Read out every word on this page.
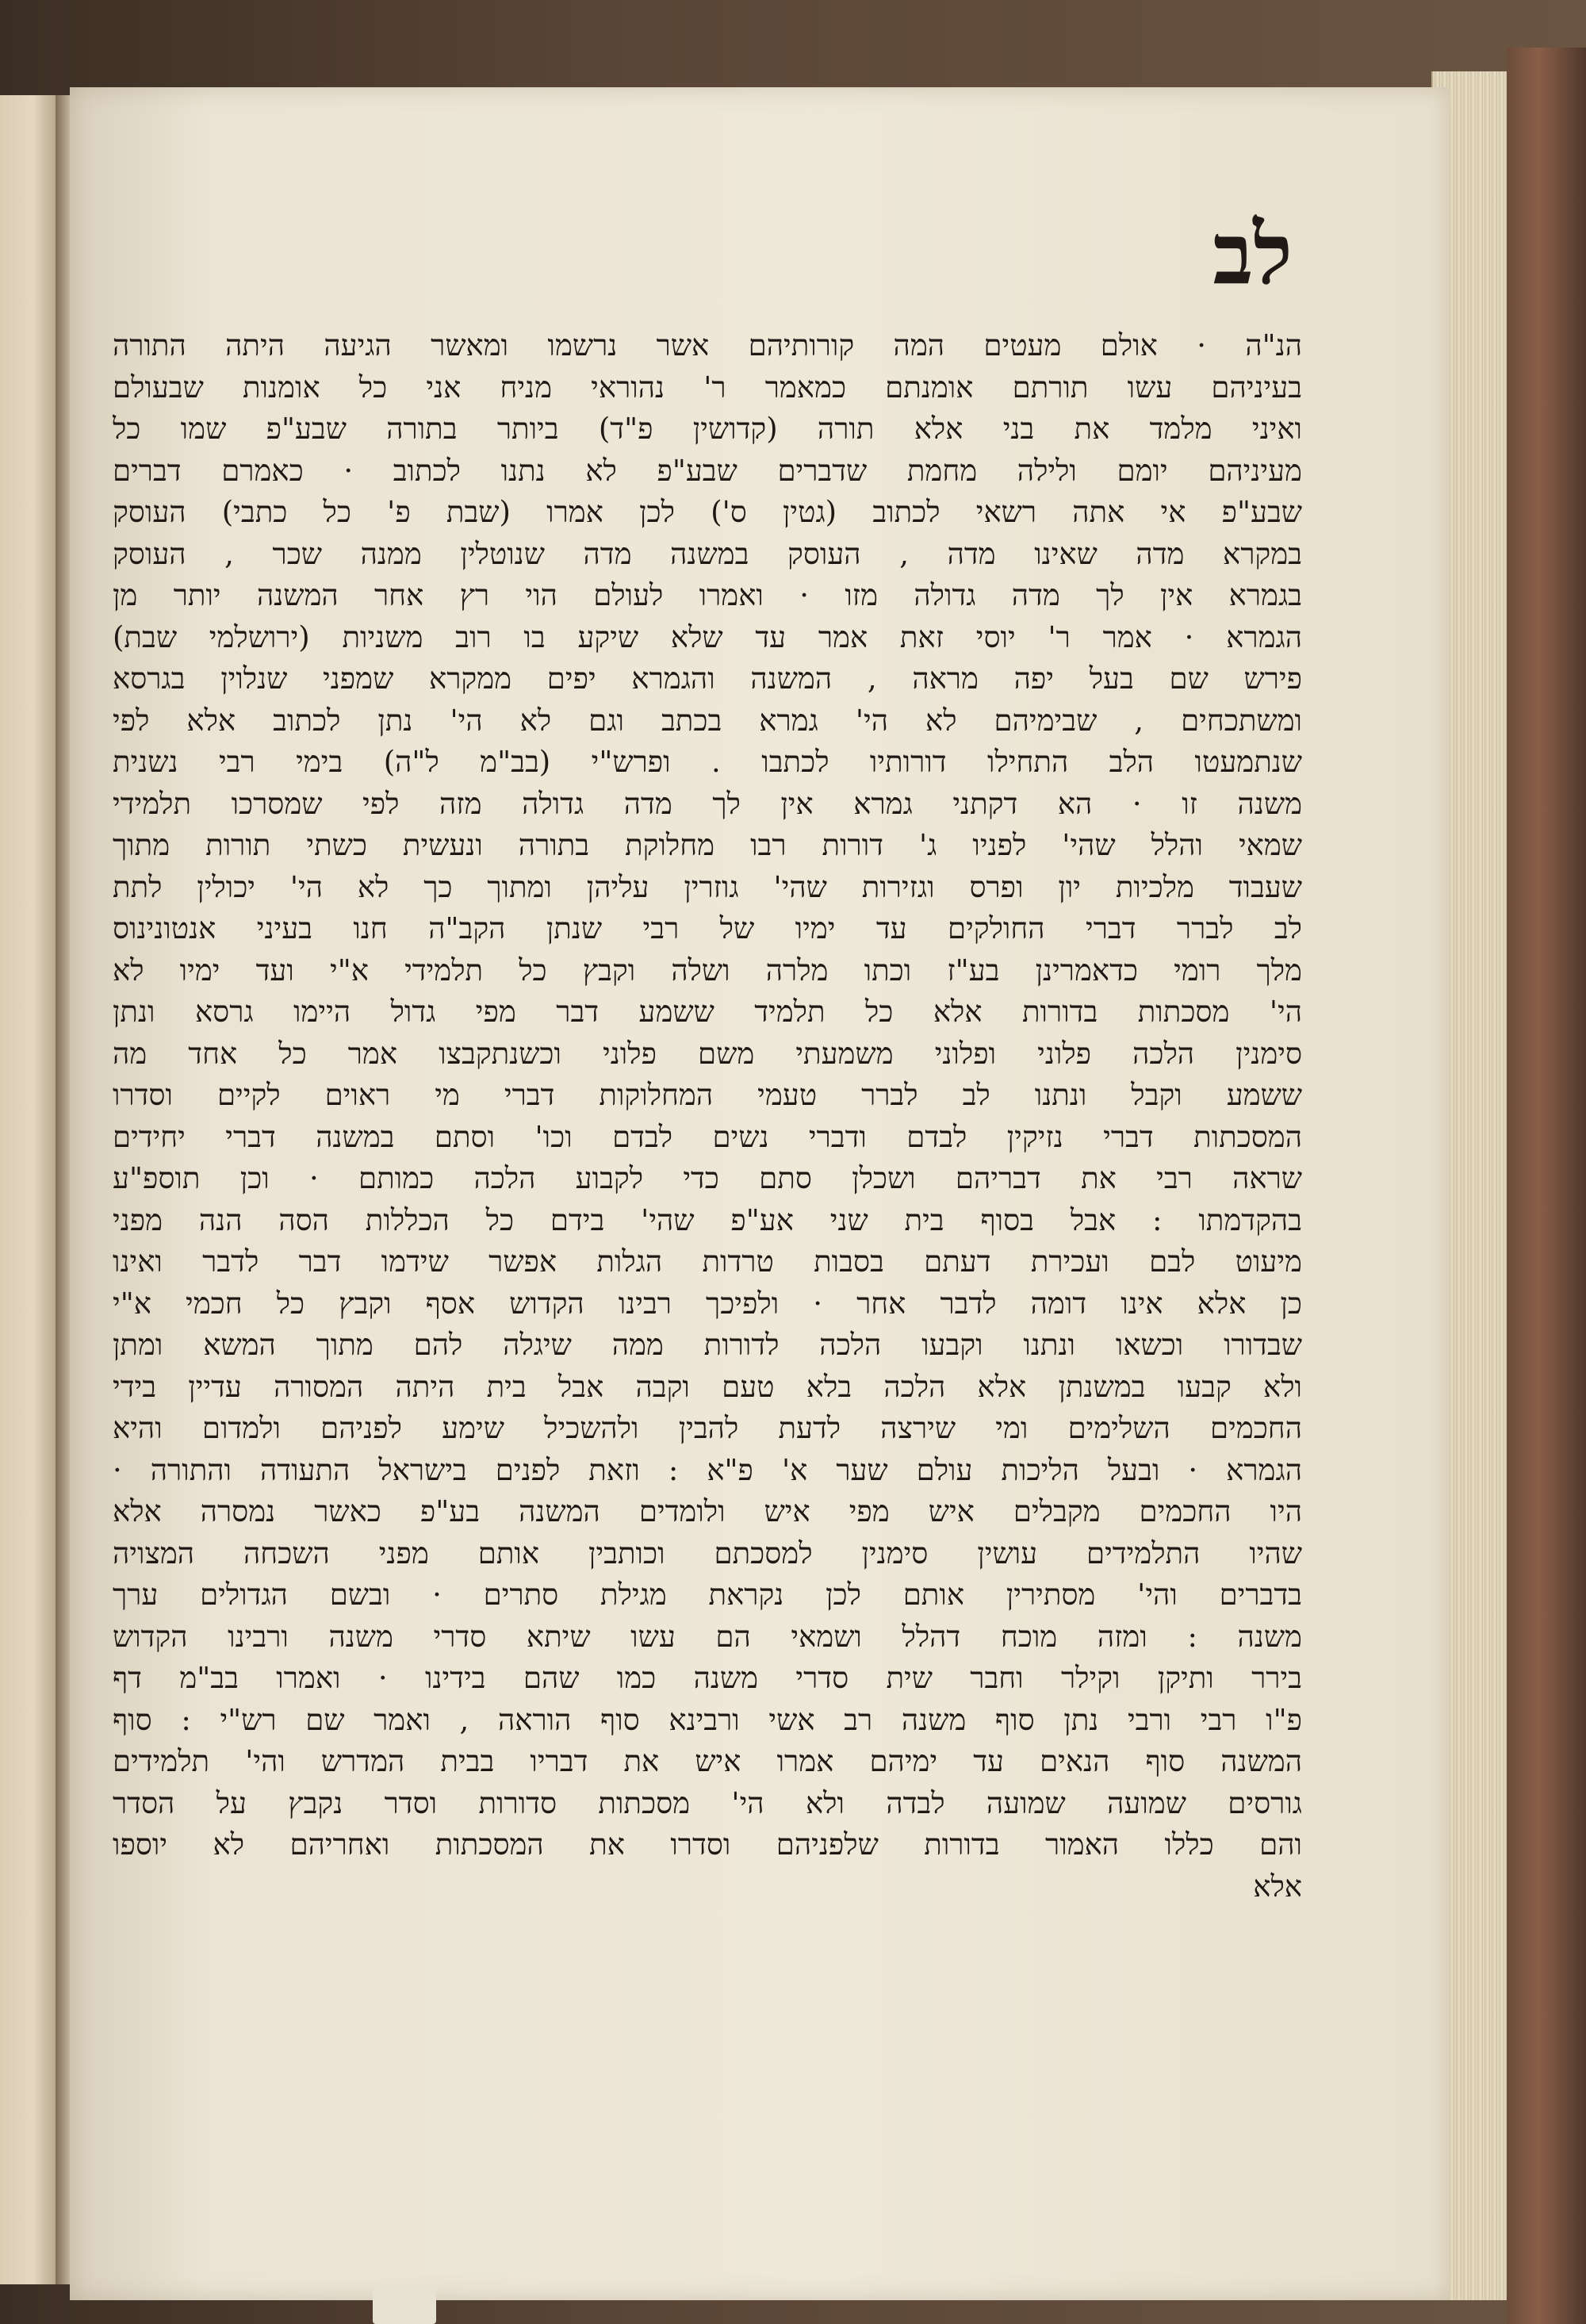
לב
הנ"ה · אולם מעטים המה קורותיהם אשר נרשמו ומאשר הגיעה היתה התורה
בעיניהם עשו תורתם אומנתם כמאמר ר' נהוראי מניח אני כל אומנות שבעולם
ואיני מלמד את בני אלא תורה (קדושין פ"ד) ביותר בתורה שבע"פ שמו כל
מעיניהם יומם ולילה מחמת שדברים שבע"פ לא נתנו לכתוב · כאמרם דברים
שבע"פ אי אתה רשאי לכתוב (גטין ס') לכן אמרו (שבת פ' כל כתבי) העוסק
במקרא מדה שאינו מדה , העוסק במשנה מדה שנוטלין ממנה שכר , העוסק
בגמרא אין לך מדה גדולה מזו · ואמרו לעולם הוי רץ אחר המשנה יותר מן
הגמרא · אמר ר' יוסי זאת אמר עד שלא שיקע בו רוב משניות (ירושלמי שבת)
פירש שם בעל יפה מראה , המשנה והגמרא יפים ממקרא שמפני שנלוין בגרסא
ומשתכחים , שבימיהם לא הי' גמרא בכתב וגם לא הי' נתן לכתוב אלא לפי
שנתמעטו הלב התחילו דורותיו לכתבו . ופרש"י (בב"מ ל"ה) בימי רבי נשנית
משנה זו · הא דקתני גמרא אין לך מדה גדולה מזה לפי שמסרכו תלמידי
שמאי והלל שהי' לפניו ג' דורות רבו מחלוקת בתורה ונעשית כשתי תורות מתוך
שעבוד מלכיות יון ופרס וגזירות שהי' גוזרין עליהן ומתוך כך לא הי' יכולין לתת
לב לברר דברי החולקים עד ימיו של רבי שנתן הקב"ה חנו בעיני אנטונינוס
מלך רומי כדאמרינן בע"ז וכתו מלרה ושלה וקבץ כל תלמידי א"י ועד ימיו לא
הי' מסכתות בדורות אלא כל תלמיד ששמע דבר מפי גדול היימו גרסא ונתן
סימנין הלכה פלוני ופלוני משמעתי משם פלוני וכשנתקבצו אמר כל אחד מה
ששמע וקבל ונתנו לב לברר טעמי המחלוקות דברי מי ראוים לקיים וסדרו
המסכתות דברי נזיקין לבדם ודברי נשים לבדם וכו' וסתם במשנה דברי יחידים
שראה רבי את דבריהם ושכלן סתם כדי לקבוע הלכה כמותם · וכן תוספ"ע
בהקדמתו : אבל בסוף בית שני אע"פ שהי' בידם כל הכללות הסה הנה מפני
מיעוט לבם ועכירת דעתם בסבות טרדות הגלות אפשר שידמו דבר לדבר ואינו
כן אלא אינו דומה לדבר אחר · ולפיכך רבינו הקדוש אסף וקבץ כל חכמי א"י
שבדורו וכשאו ונתנו וקבעו הלכה לדורות ממה שיגלה להם מתוך המשא ומתן
ולא קבעו במשנתן אלא הלכה בלא טעם וקבה אבל בית היתה המסורה עדיין בידי
החכמים השלימים ומי שירצה לדעת להבין ולהשכיל שימע לפניהם ולמדום והיא
הגמרא · ובעל הליכות עולם שער א' פ"א : וזאת לפנים בישראל התעודה והתורה ·
היו החכמים מקבלים איש מפי איש ולומדים המשנה בע"פ כאשר נמסרה אלא
שהיו התלמידים עושין סימנין למסכתם וכותבין אותם מפני השכחה המצויה
בדברים והי' מסתירין אותם לכן נקראת מגילת סתרים · ובשם הגדולים ערך
משנה : ומזה מוכח דהלל ושמאי הם עשו שיתא סדרי משנה ורבינו הקדוש
בירר ותיקן וקילר וחבר שית סדרי משנה כמו שהם בידינו · ואמרו בב"מ דף
פ"ו רבי ורבי נתן סוף משנה רב אשי ורבינא סוף הוראה , ואמר שם רש"י : סוף
המשנה סוף הנאים עד ימיהם אמרו איש את דבריו בבית המדרש והי' תלמידים
גורסים שמועה שמועה לבדה ולא הי' מסכתות סדורות וסדר נקבץ על הסדר
והם כללו האמור בדורות שלפניהם וסדרו את המסכתות ואחריהם לא יוספו
אלא
